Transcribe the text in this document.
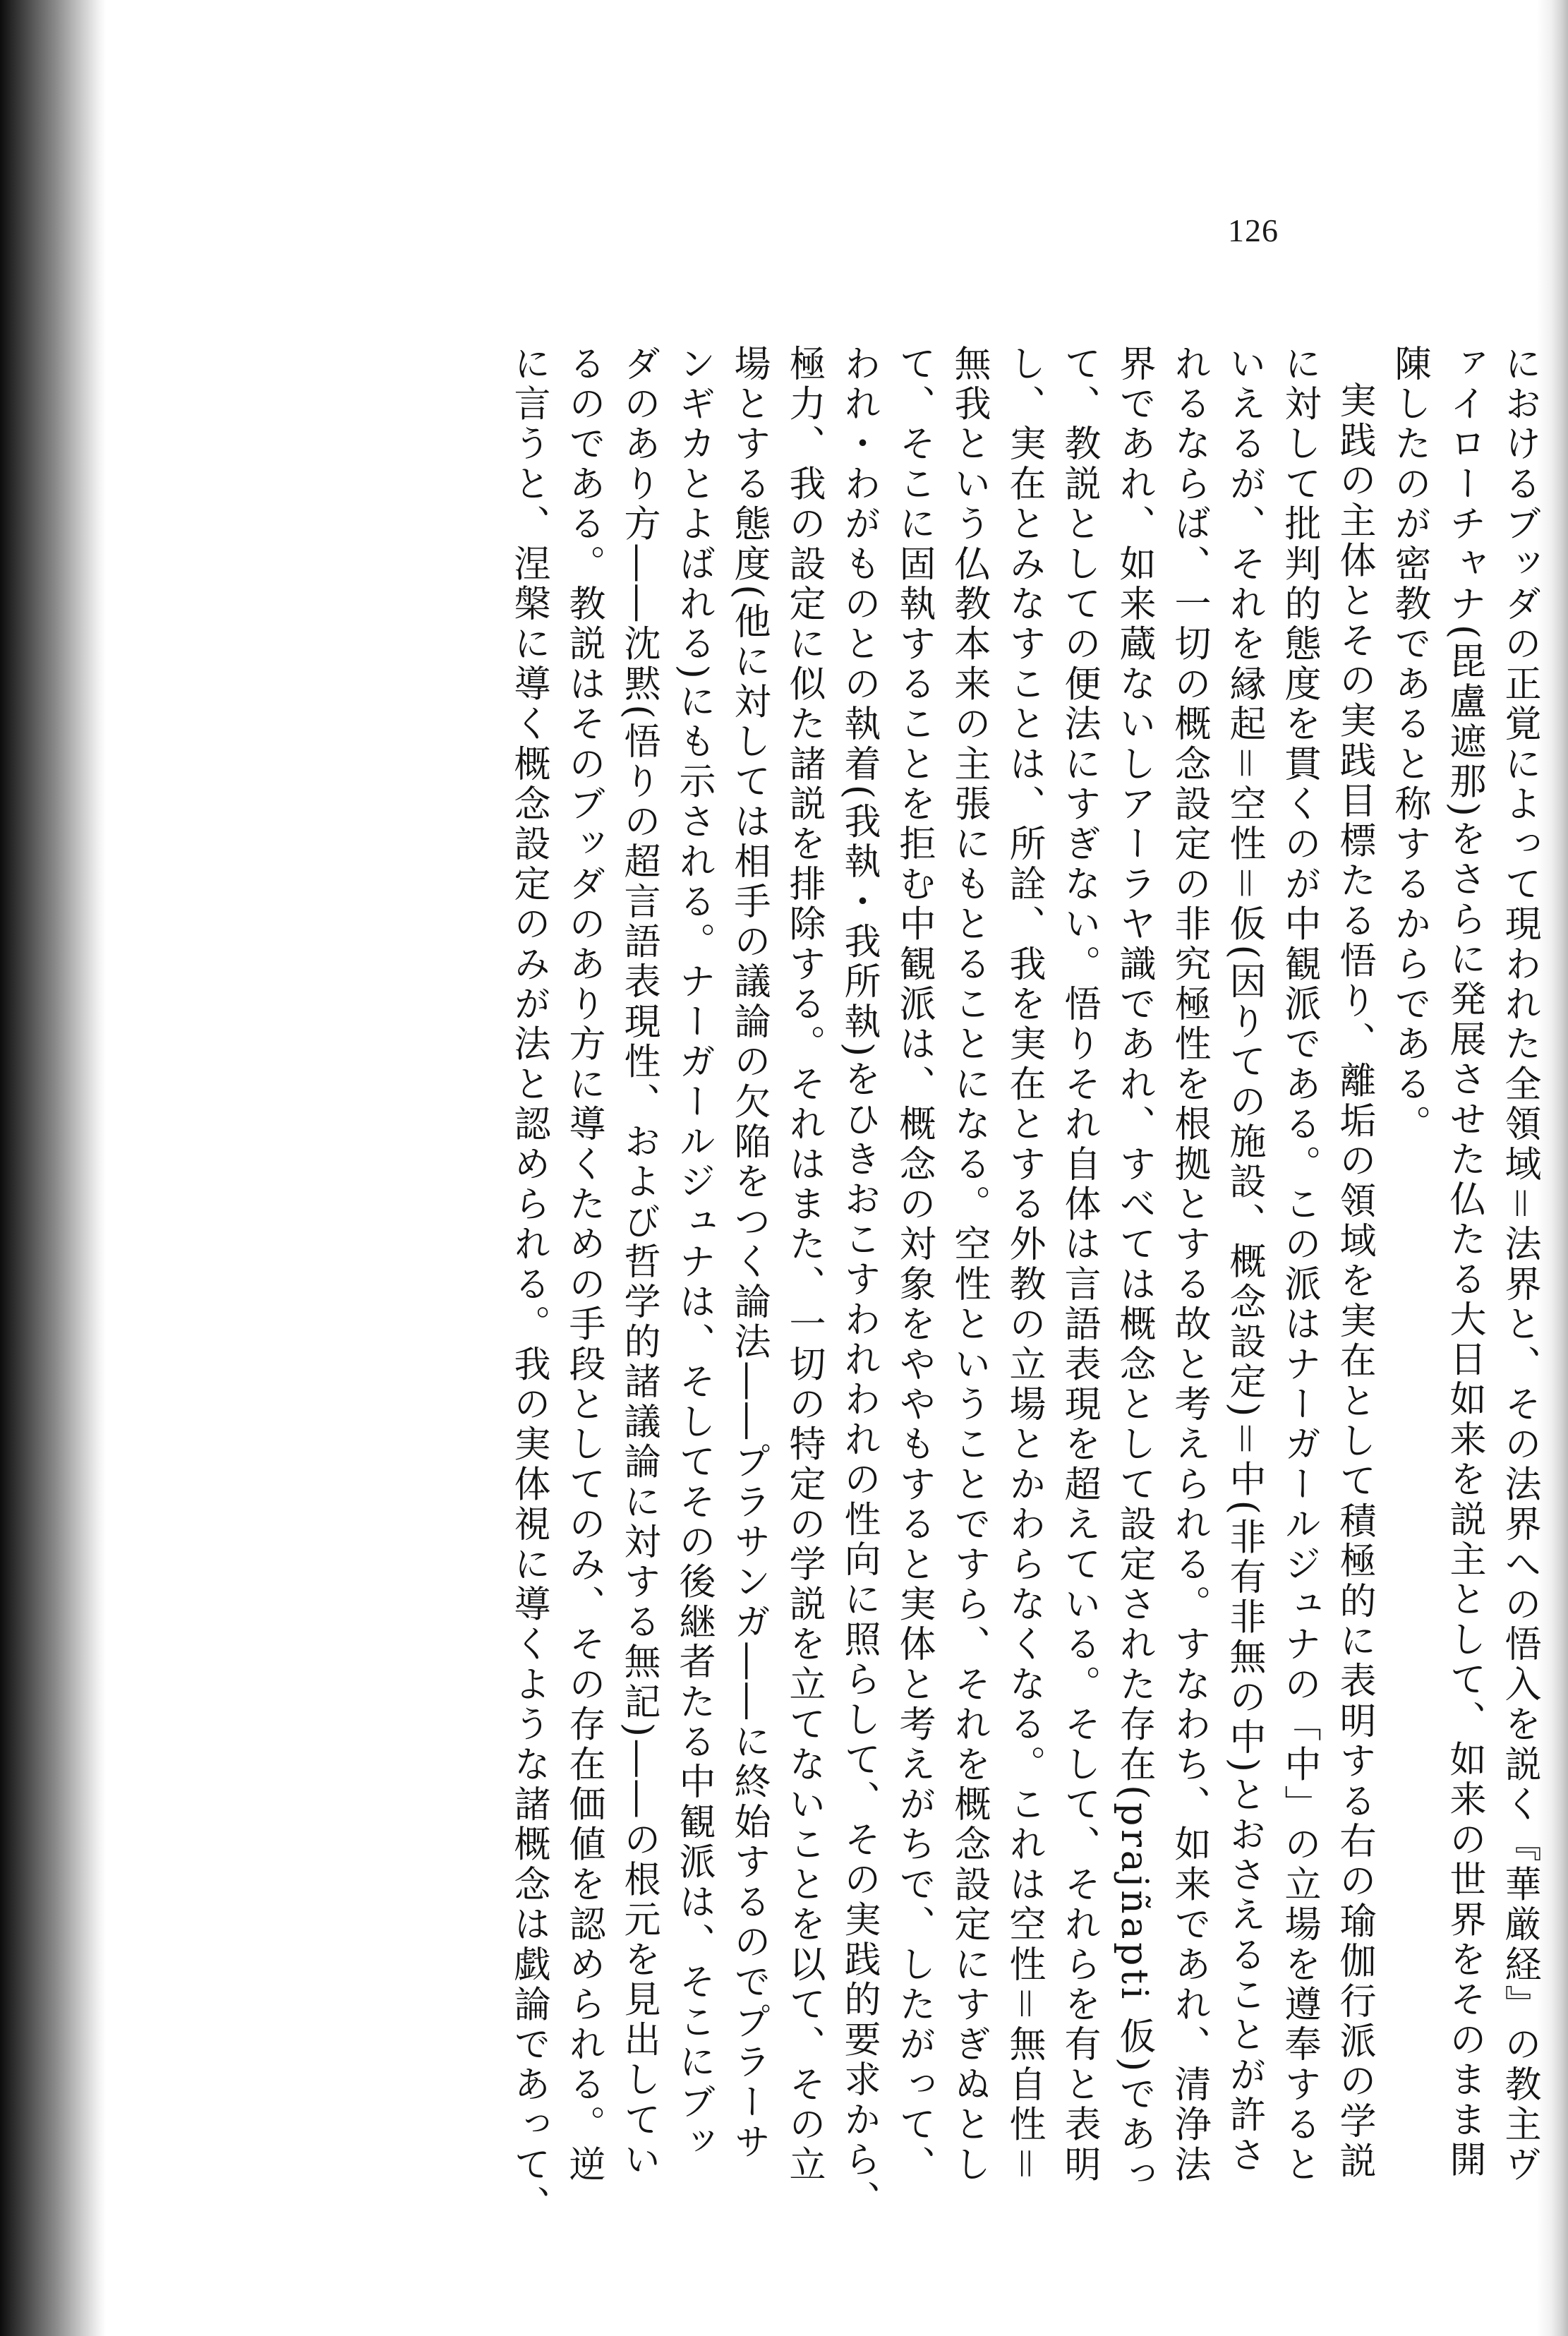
126
におけるブッダの正覚によって現われた全領域＝法界と、その法界への悟入を説く『華厳経』の教主ヴ
ァイローチャナ(毘盧遮那)をさらに発展させた仏たる大日如来を説主として、如来の世界をそのまま開
陳したのが密教であると称するからである。
実践の主体とその実践目標たる悟り、離垢の領域を実在として積極的に表明する右の瑜伽行派の学説
に対して批判的態度を貫くのが中観派である。この派はナーガールジュナの「中」の立場を遵奉すると
いえるが、それを縁起＝空性＝仮(因りての施設、概念設定)＝中(非有非無の中)とおさえることが許さ
れるならば、一切の概念設定の非究極性を根拠とする故と考えられる。すなわち、如来であれ、清浄法
界であれ、如来蔵ないしアーラヤ識であれ、すべては概念として設定された存在(prajñapti 仮)であっ
て、教説としての便法にすぎない。悟りそれ自体は言語表現を超えている。そして、それらを有と表明
し、実在とみなすことは、所詮、我を実在とする外教の立場とかわらなくなる。これは空性＝無自性＝
無我という仏教本来の主張にもとることになる。空性ということですら、それを概念設定にすぎぬとし
て、そこに固執することを拒む中観派は、概念の対象をややもすると実体と考えがちで、したがって、
われ・わがものとの執着(我執・我所執)をひきおこすわれわれの性向に照らして、その実践的要求から、
極力、我の設定に似た諸説を排除する。それはまた、一切の特定の学説を立てないことを以て、その立
場とする態度(他に対しては相手の議論の欠陥をつく論法――プラサンガ――に終始するのでプラーサ
ンギカとよばれる)にも示される。ナーガールジュナは、そしてその後継者たる中観派は、そこにブッ
ダのあり方――沈黙(悟りの超言語表現性、および哲学的諸議論に対する無記)――の根元を見出してい
るのである。教説はそのブッダのあり方に導くための手段としてのみ、その存在価値を認められる。逆
に言うと、涅槃に導く概念設定のみが法と認められる。我の実体視に導くような諸概念は戯論であって、
